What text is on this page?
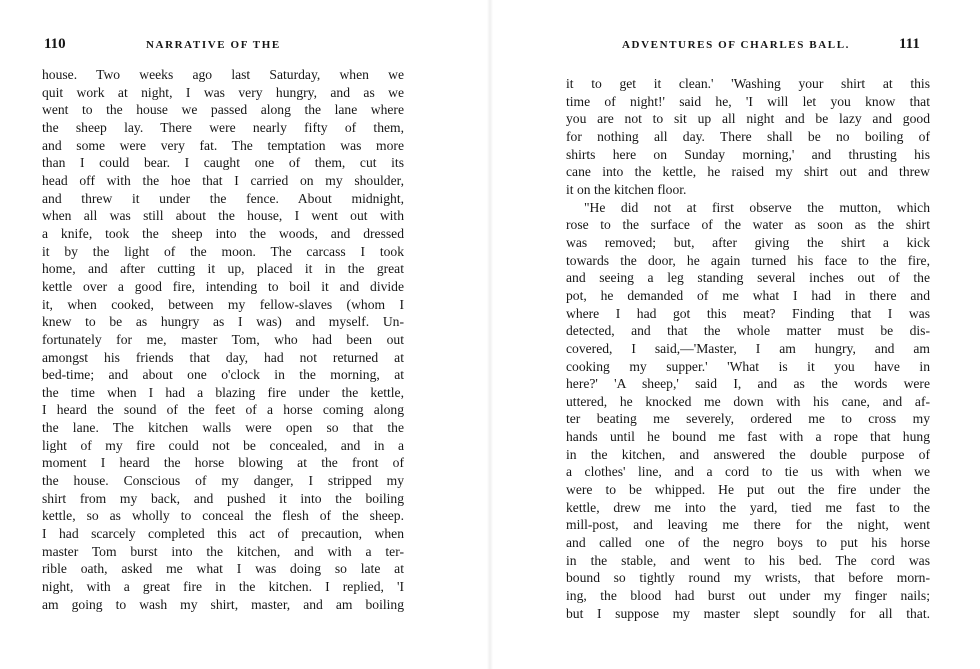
110	NARRATIVE OF THE
house. Two weeks ago last Saturday, when we
quit work at night, I was very hungry, and as we
went to the house we passed along the lane where
the sheep lay. There were nearly fifty of them,
and some were very fat. The temptation was more
than I could bear. I caught one of them, cut its
head off with the hoe that I carried on my shoulder,
and threw it under the fence. About midnight,
when all was still about the house, I went out with
a knife, took the sheep into the woods, and dressed
it by the light of the moon. The carcass I took
home, and after cutting it up, placed it in the great
kettle over a good fire, intending to boil it and divide
it, when cooked, between my fellow-slaves (whom I
knew to be as hungry as I was) and myself. Un-
fortunately for me, master Tom, who had been out
amongst his friends that day, had not returned at
bed-time; and about one o'clock in the morning, at
the time when I had a blazing fire under the kettle,
I heard the sound of the feet of a horse coming along
the lane. The kitchen walls were open so that the
light of my fire could not be concealed, and in a
moment I heard the horse blowing at the front of
the house. Conscious of my danger, I stripped my
shirt from my back, and pushed it into the boiling
kettle, so as wholly to conceal the flesh of the sheep.
I had scarcely completed this act of precaution, when
master Tom burst into the kitchen, and with a ter-
rible oath, asked me what I was doing so late at
night, with a great fire in the kitchen. I replied, 'I
am going to wash my shirt, master, and am boiling
ADVENTURES OF CHARLES BALL.	111
it to get it clean.' 'Washing your shirt at this
time of night!' said he, 'I will let you know that
you are not to sit up all night and be lazy and good
for nothing all day. There shall be no boiling of
shirts here on Sunday morning,' and thrusting his
cane into the kettle, he raised my shirt out and threw
it on the kitchen floor.
"He did not at first observe the mutton, which
rose to the surface of the water as soon as the shirt
was removed; but, after giving the shirt a kick
towards the door, he again turned his face to the fire,
and seeing a leg standing several inches out of the
pot, he demanded of me what I had in there and
where I had got this meat? Finding that I was
detected, and that the whole matter must be dis-
covered, I said,—'Master, I am hungry, and am
cooking my supper.' 'What is it you have in
here?' 'A sheep,' said I, and as the words were
uttered, he knocked me down with his cane, and af-
ter beating me severely, ordered me to cross my
hands until he bound me fast with a rope that hung
in the kitchen, and answered the double purpose of
a clothes' line, and a cord to tie us with when we
were to be whipped. He put out the fire under the
kettle, drew me into the yard, tied me fast to the
mill-post, and leaving me there for the night, went
and called one of the negro boys to put his horse
in the stable, and went to his bed. The cord was
bound so tightly round my wrists, that before morn-
ing, the blood had burst out under my finger nails;
but I suppose my master slept soundly for all that.
